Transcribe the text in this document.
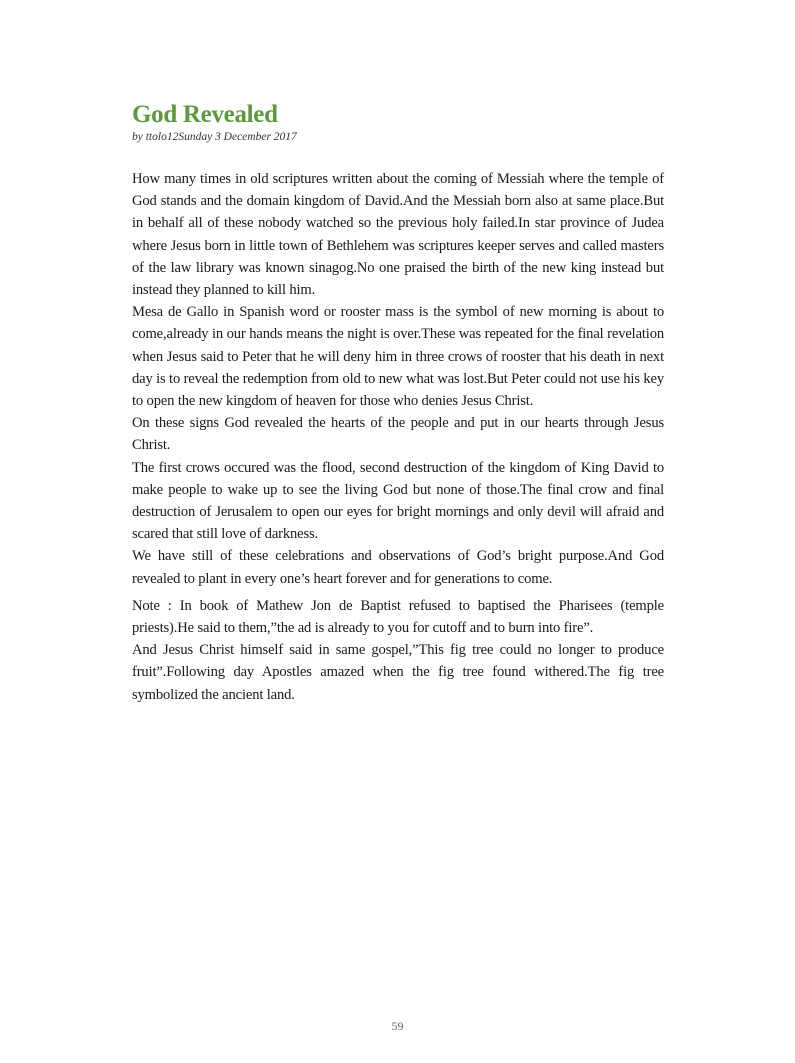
God Revealed

by ttolo12Sunday 3 December 2017

How many times in old scriptures written about the coming of Messiah where the temple of God stands and the domain kingdom of David.And the Messiah born also at same place.But in behalf all of these nobody watched so the previous holy failed.In star province of Judea where Jesus born in little town of Bethlehem was scriptures keeper serves and called masters of the law library was known sinagog.No one praised the birth of the new king instead but instead they planned to kill him.

Mesa de Gallo in Spanish word or rooster mass is the symbol of new morning is about to come,already in our hands means the night is over.These was repeated for the final revelation when Jesus said to Peter that he will deny him in three crows of rooster that his death in next day is to reveal the redemption from old to new what was lost.But Peter could not use his key to open the new kingdom of heaven for those who denies Jesus Christ.

On these signs God revealed the hearts of the people and put in our hearts through Jesus Christ.

The first crows occured was the flood, second destruction of the kingdom of King David to make people to wake up to see the living God but none of those.The final crow and final destruction of Jerusalem to open our eyes for bright mornings and only devil will afraid and scared that still love of darkness.

We have still of these celebrations and observations of God’s bright purpose.And God revealed to plant in every one’s heart forever and for generations to come.

Note : In book of Mathew Jon de Baptist refused to baptised the Pharisees (temple priests).He said to them,”the ad is already to you for cutoff and to burn into fire”.

And Jesus Christ himself said in same gospel,”This fig tree could no longer to produce fruit”.Following day Apostles amazed when the fig tree found withered.The fig tree symbolized the ancient land.

59
